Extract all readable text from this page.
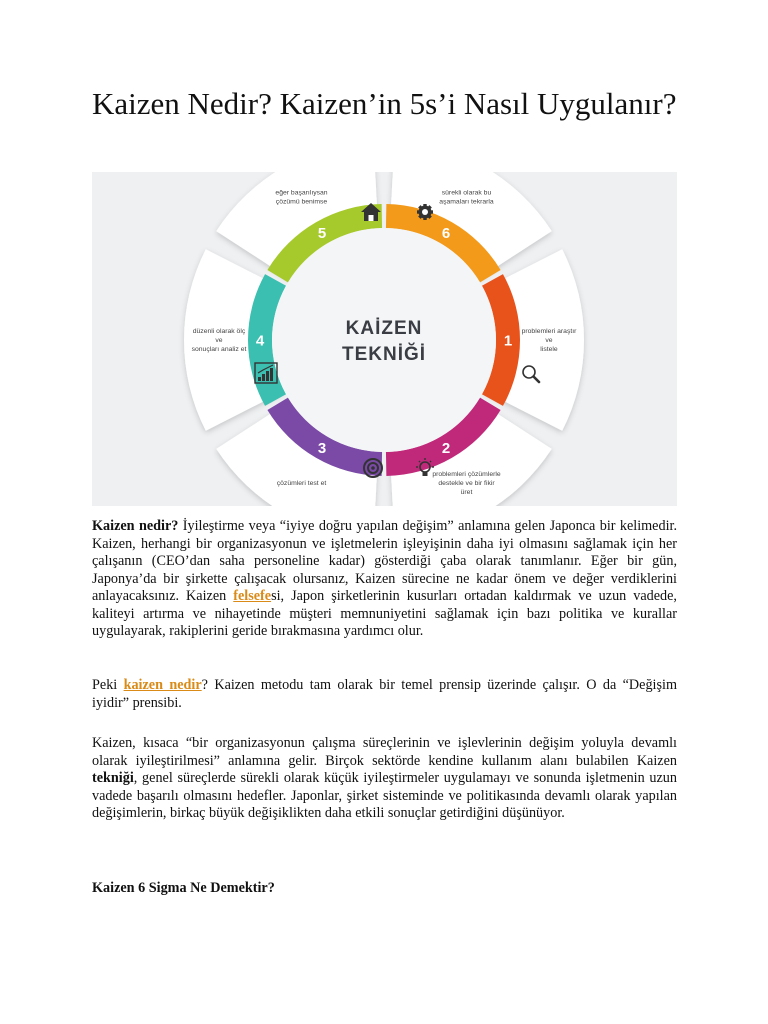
Kaizen Nedir? Kaizen’in 5s’i Nasıl Uygulanır?
KAİZEN
TEKNİĞİ
1
2
3
4
5	6
problemleri araştır ve listele
problemleri çözümlerle destekle ve bir fikir üret
çözümleri test et
düzenli olarak ölç ve sonuçları analiz et
eğer başarılıysan çözümü benimse
sürekli olarak bu aşamaları tekrarla

Kaizen nedir? İyileştirme veya “iyiye doğru yapılan değişim” anlamına gelen Japonca bir kelimedir. Kaizen, herhangi bir organizasyonun ve işletmelerin işleyişinin daha iyi olmasını sağlamak için her çalışanın (CEO’dan saha personeline kadar) gösterdiği çaba olarak tanımlanır. Eğer bir gün, Japonya’da bir şirkette çalışacak olursanız, Kaizen sürecine ne kadar önem ve değer verdiklerini anlayacaksınız. Kaizen felsefesi, Japon şirketlerinin kusurları ortadan kaldırmak ve uzun vadede, kaliteyi artırma ve nihayetinde müşteri memnuniyetini sağlamak için bazı politika ve kurallar uygulayarak, rakiplerini geride bırakmasına yardımcı olur.

Peki kaizen nedir? Kaizen metodu tam olarak bir temel prensip üzerinde çalışır. O da “Değişim iyidir” prensibi.

Kaizen, kısaca “bir organizasyonun çalışma süreçlerinin ve işlevlerinin değişim yoluyla devamlı olarak iyileştirilmesi” anlamına gelir. Birçok sektörde kendine kullanım alanı bulabilen Kaizen tekniği, genel süreçlerde sürekli olarak küçük iyileştirmeler uygulamayı ve sonunda işletmenin uzun vadede başarılı olmasını hedefler. Japonlar, şirket sisteminde ve politikasında devamlı olarak yapılan değişimlerin, birkaç büyük değişiklikten daha etkili sonuçlar getirdiğini düşünüyor.

Kaizen 6 Sigma Ne Demektir?
